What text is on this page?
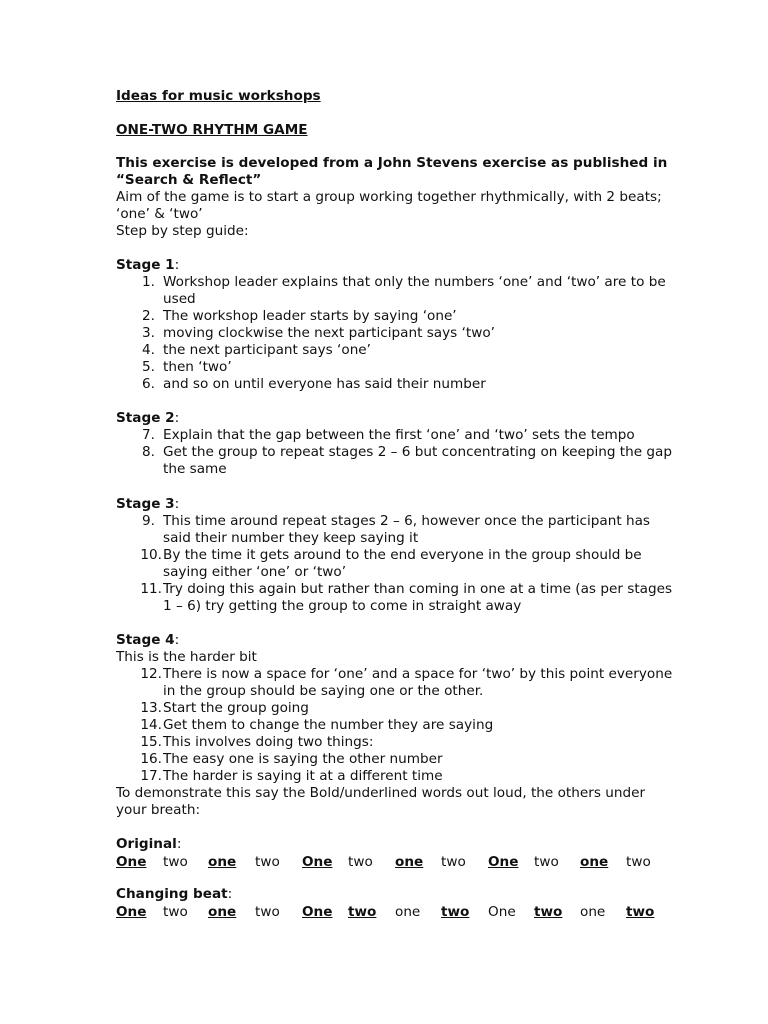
Ideas for music workshops
ONE-TWO RHYTHM GAME

This exercise is developed from a John Stevens exercise as published in “Search & Reflect”

Aim of the game is to start a group working together rhythmically, with 2 beats; ‘one’ & ‘two’

Step by step guide:

Stage 1:

1. Workshop leader explains that only the numbers ‘one’ and ‘two’ are to be used
2. The workshop leader starts by saying ‘one’
3. moving clockwise the next participant says ‘two’
4. the next participant says ‘one’
5. then ‘two’
6. and so on until everyone has said their number

Stage 2:

7. Explain that the gap between the first ‘one’ and ‘two’ sets the tempo
8. Get the group to repeat stages 2 – 6 but concentrating on keeping the gap the same

Stage 3:

9. This time around repeat stages 2 – 6, however once the participant has said their number they keep saying it
10. By the time it gets around to the end everyone in the group should be saying either ‘one’ or ‘two’
11. Try doing this again but rather than coming in one at a time (as per stages 1 – 6) try getting the group to come in straight away

Stage 4:

This is the harder bit

12. There is now a space for ‘one’ and a space for ‘two’ by this point everyone in the group should be saying one or the other.
13. Start the group going
14. Get them to change the number they are saying
15. This involves doing two things:
16. The easy one is saying the other number
17. The harder is saying it at a different time

To demonstrate this say the Bold/underlined words out loud, the others under your breath:

Original:
One two one two One two one two One two one two
Changing beat:
One two one two One two one two One two one two
